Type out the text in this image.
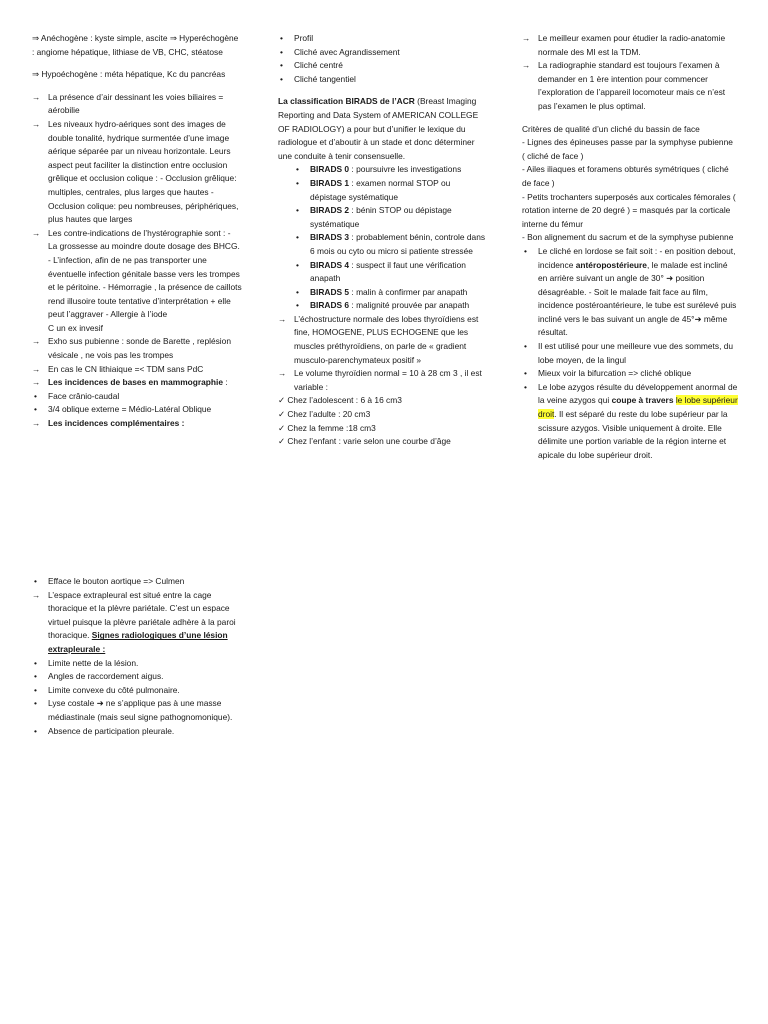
⇒ Anéchogène : kyste simple, ascite ⇒ Hyperéchogène : angiome hépatique, lithiase de VB, CHC, stéatose

⇒ Hypoéchogène : méta hépatique, Kc du pancréas

→ La présence d’air dessinant les voies biliaires = aérobilie
→ Les niveaux hydro-aériques sont des images de double tonalité, hydrique surmentée d’une image aérique séparée par un niveau horizontale. Leurs aspect peut faciliter la distinction entre occlusion grêlique et occlusion colique : - Occlusion grêlique: multiples, centrales, plus larges que hautes - Occlusion colique: peu nombreuses, périphériques, plus hautes que larges
→ Les contre-indications de l’hystérographie sont : - La grossesse au moindre doute dosage des BHCG. - L’infection, afin de ne pas transporter une éventuelle infection génitale basse vers les trompes et le péritoine. - Hémorragie , la présence de caillots rend illusoire toute tentative d’interprétation + elle peut l’aggraver - Allergie à l’iode
C un ex invesif
→ Exho sus pubienne : sonde de Barette , replésion vésicale , ne vois pas les trompes
→ En cas le CN lithiaique =< TDM sans PdC
→ Les incidences de bases en mammographie :
• Face crânio-caudal
• 3/4 oblique externe = Médio-Latéral Oblique
→ Les incidences complémentaires :
• Efface le bouton aortique => Culmen
→ L’espace extrapleural est situé entre la cage thoracique et la plèvre pariétale. C’est un espace virtuel puisque la plèvre pariétale adhère à la paroi thoracique. Signes radiologiques d’une lésion extrapleurale :
• Limite nette de la lésion.
• Angles de raccordement aigus.
• Limite convexe du côté pulmonaire.
• Lyse costale ➜ ne s’applique pas à une masse médiastinale (mais seul signe pathognomonique).
• Absence de participation pleurale.
• Profil
• Cliché avec Agrandissement
• Cliché centré
• Cliché tangentiel

La classification BIRADS de l’ACR (Breast Imaging Reporting and Data System of AMERICAN COLLEGE OF RADIOLOGY) a pour but d’unifier le lexique du radiologue et d’aboutir à un stade et donc déterminer une conduite à tenir consensuelle.

• BIRADS 0 : poursuivre les investigations
• BIRADS 1 : examen normal STOP ou dépistage systématique
• BIRADS 2 : bénin STOP ou dépistage systématique
• BIRADS 3 : probablement bénin, controle dans 6 mois ou cyto ou micro si patiente stressée
• BIRADS 4 : suspect il faut une vérification anapath
• BIRADS 5 : malin à confirmer par anapath
• BIRADS 6 : malignité prouvée par anapath
→ L’échostructure normale des lobes thyroïdiens est fine, HOMOGENE, PLUS ECHOGENE que les muscles préthyroïdiens, on parle de « gradient musculo-parenchymateux positif »
→ Le volume thyroïdien normal = 10 à 28 cm 3 , il est variable :

✓ Chez l’adolescent : 6 à 16 cm3

✓ Chez l’adulte : 20 cm3

✓ Chez la femme :18 cm3

✓ Chez l’enfant : varie selon une courbe d’âge

→ Le meilleur examen pour étudier la radio-anatomie normale des MI est la TDM.
→ La radiographie standard est toujours l’examen à demander en 1 ère intention pour commencer l’exploration de l’appareil locomoteur mais ce n’est pas l’examen le plus optimal.

Critères de qualité d’un cliché du bassin de face

- Lignes des épineuses passe par la symphyse pubienne ( cliché de face )

- Ailes iliaques et foramens obturés symétriques ( cliché de face )

- Petits trochanters superposés aux corticales fémorales ( rotation interne de 20 degré ) = masqués par la corticale interne du fémur

- Bon alignement du sacrum et de la symphyse pubienne

• Le cliché en lordose se fait soit : - en position debout, incidence antéropostérieure, le malade est incliné en arrière suivant un angle de 30° ➜ position désagréable. - Soit le malade fait face au film, incidence postéroantérieure, le tube est surélevé puis incliné vers le bas suivant un angle de 45°➜ même résultat.
• Il est utilisé pour une meilleure vue des sommets, du lobe moyen, de la lingul
• Mieux voir la bifurcation => cliché oblique
• Le lobe azygos résulte du développement anormal de la veine azygos qui coupe à travers le lobe supérieur droit. Il est séparé du reste du lobe supérieur par la scissure azygos. Visible uniquement à droite. Elle délimite une portion variable de la région interne et apicale du lobe supérieur droit.
